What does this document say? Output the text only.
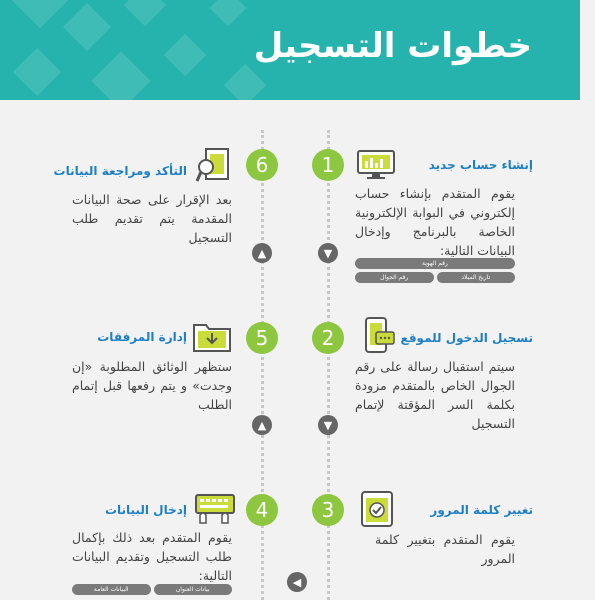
خطوات التسجيل
1
2
3
4
5
6
▼
▼
▲
▲
◀
إنشاء حساب جديد
يقوم المتقدم بإنشاء حساب إلكتروني في البوابة الإلكترونية الخاصة بالبرنامج وإدخال البيانات التالية:
رقم الهوية
رقم الجوال	تاريخ الميلاد
تسجيل الدخول للموقع
سيتم استقبال رسالة على رقم الجوال الخاص بالمتقدم مزودة بكلمة السر المؤقتة لإتمام التسجيل
تغيير كلمة المرور
يقوم المتقدم بتغيير كلمة المرور
التأكد ومراجعة البيانات
بعد الإقرار على صحة البيانات المقدمة يتم تقديم طلب التسجيل
إدارة المرفقات
ستظهر الوثائق المطلوبة «إن وجدت» و يتم رفعها قبل إتمام الطلب
إدخال البيانات
يقوم المتقدم بعد ذلك بإكمال طلب التسجيل وتقديم البيانات التالية:
البيانات العامة	بيانات العنوان
